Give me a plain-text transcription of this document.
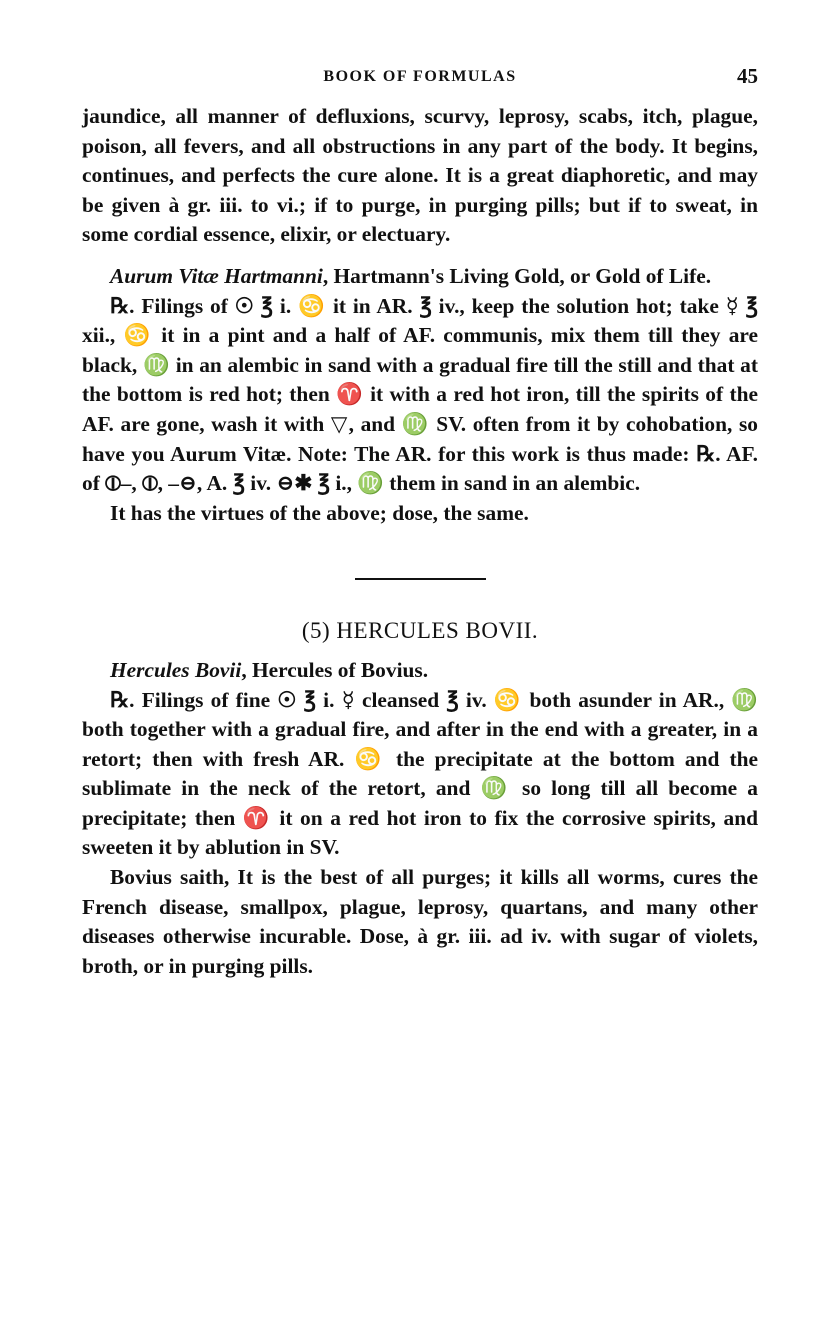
BOOK OF FORMULAS	45

jaundice, all manner of defluxions, scurvy, leprosy, scabs, itch, plague, poison, all fevers, and all obstructions in any part of the body. It begins, continues, and perfects the cure alone. It is a great diaphoretic, and may be given à gr. iii. to vi.; if to purge, in purging pills; but if to sweat, in some cordial essence, elixir, or electuary.

Aurum Vitæ Hartmanni, Hartmann's Living Gold, or Gold of Life.

℞. Filings of ☉ ℥ i. ♋ it in AR. ℥ iv., keep the solution hot; take ☿ ℥ xii., ♋ it in a pint and a half of AF. communis, mix them till they are black, ♍ in an alembic in sand with a gradual fire till the still and that at the bottom is red hot; then ♈ it with a red hot iron, till the spirits of the AF. are gone, wash it with ▽, and ♍ SV. often from it by cohobation, so have you Aurum Vitæ. Note: The AR. for this work is thus made: ℞. AF. of ⦶–, ⦶, –⊖, A. ℥ iv. ⊖✱ ℥ i., ♍ them in sand in an alembic.

It has the virtues of the above; dose, the same.

(5) HERCULES BOVII.

Hercules Bovii, Hercules of Bovius.

℞. Filings of fine ☉ ℥ i. ☿ cleansed ℥ iv. ♋ both asunder in AR., ♍ both together with a gradual fire, and after in the end with a greater, in a retort; then with fresh AR. ♋ the precipitate at the bottom and the sublimate in the neck of the retort, and ♍ so long till all become a precipitate; then ♈ it on a red hot iron to fix the corrosive spirits, and sweeten it by ablution in SV.

Bovius saith, It is the best of all purges; it kills all worms, cures the French disease, smallpox, plague, leprosy, quartans, and many other diseases otherwise incurable. Dose, à gr. iii. ad iv. with sugar of violets, broth, or in purging pills.
